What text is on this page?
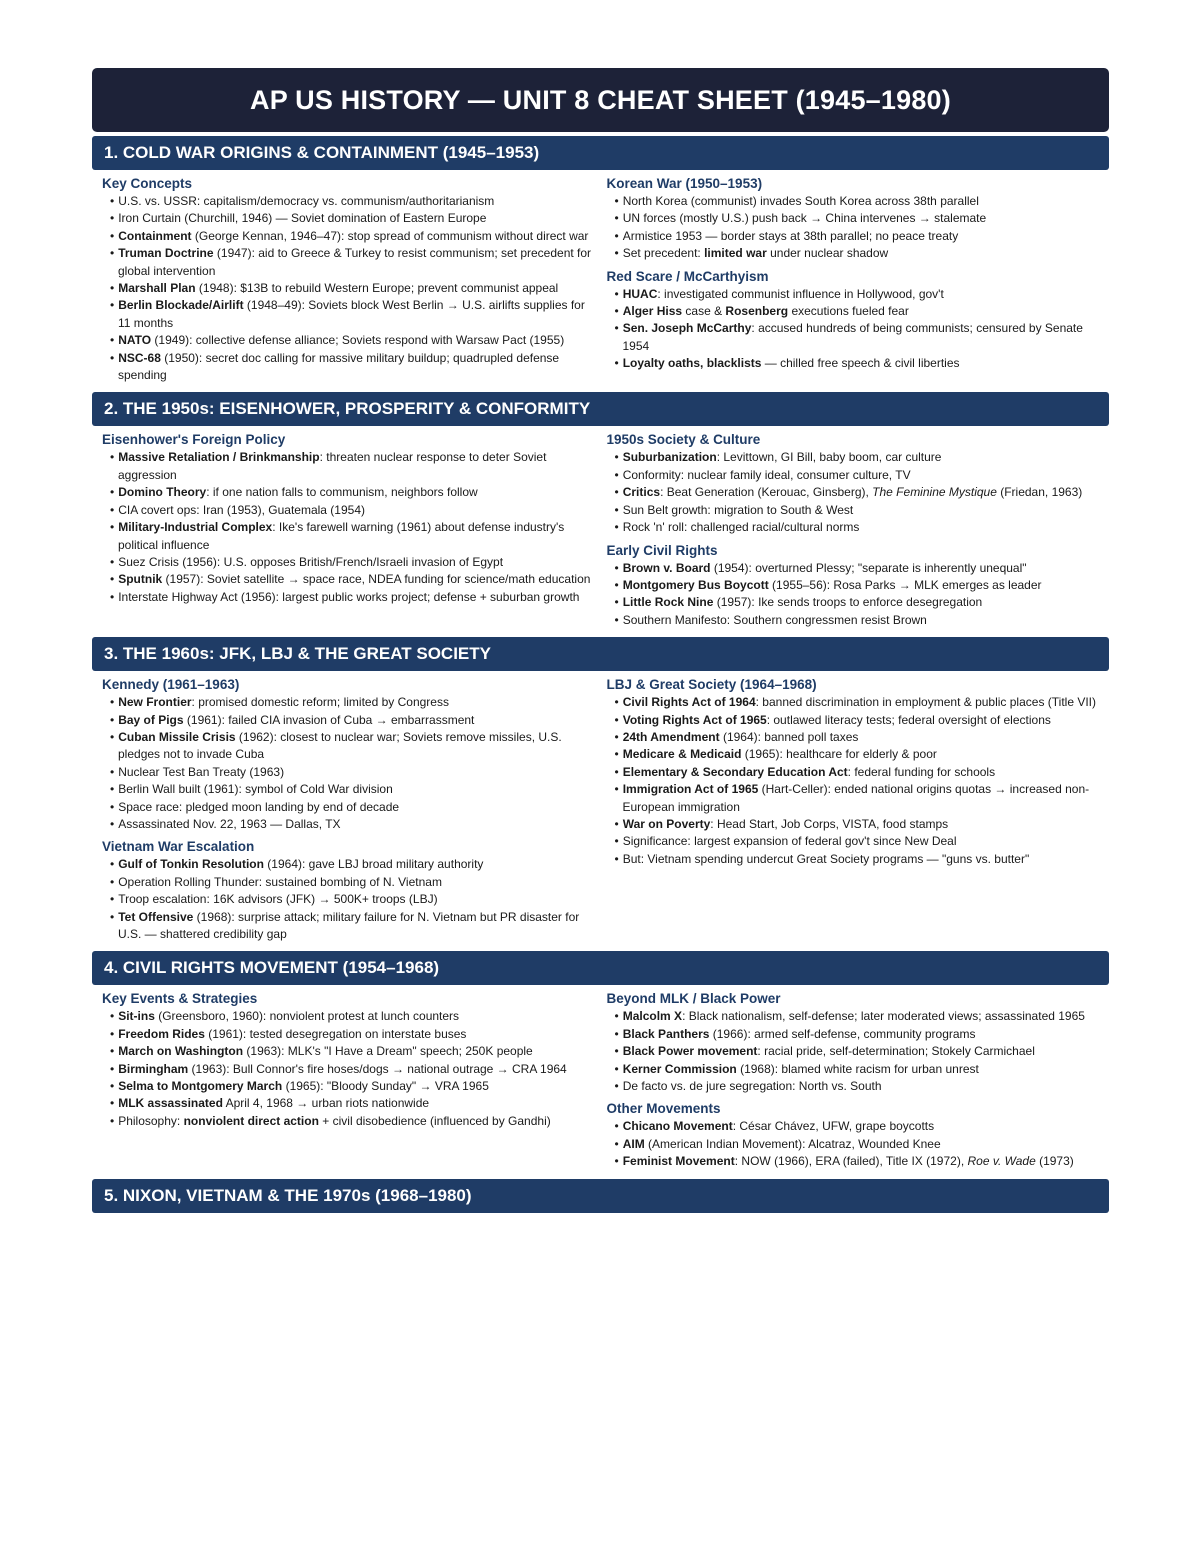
AP US HISTORY — UNIT 8 CHEAT SHEET (1945–1980)
1. COLD WAR ORIGINS & CONTAINMENT (1945–1953)
Key Concepts
• U.S. vs. USSR: capitalism/democracy vs. communism/authoritarianism
• Iron Curtain (Churchill, 1946) — Soviet domination of Eastern Europe
• Containment (George Kennan, 1946–47): stop spread of communism without direct war
• Truman Doctrine (1947): aid to Greece & Turkey to resist communism; set precedent for global intervention
• Marshall Plan (1948): $13B to rebuild Western Europe; prevent communist appeal
• Berlin Blockade/Airlift (1948–49): Soviets block West Berlin → U.S. airlifts supplies for 11 months
• NATO (1949): collective defense alliance; Soviets respond with Warsaw Pact (1955)
• NSC-68 (1950): secret doc calling for massive military buildup; quadrupled defense spending
Korean War (1950–1953)
• North Korea (communist) invades South Korea across 38th parallel
• UN forces (mostly U.S.) push back → China intervenes → stalemate
• Armistice 1953 — border stays at 38th parallel; no peace treaty
• Set precedent: limited war under nuclear shadow
Red Scare / McCarthyism
• HUAC: investigated communist influence in Hollywood, gov't
• Alger Hiss case & Rosenberg executions fueled fear
• Sen. Joseph McCarthy: accused hundreds of being communists; censured by Senate 1954
• Loyalty oaths, blacklists — chilled free speech & civil liberties
2. THE 1950s: EISENHOWER, PROSPERITY & CONFORMITY
Eisenhower's Foreign Policy
• Massive Retaliation / Brinkmanship: threaten nuclear response to deter Soviet aggression
• Domino Theory: if one nation falls to communism, neighbors follow
• CIA covert ops: Iran (1953), Guatemala (1954)
• Military-Industrial Complex: Ike's farewell warning (1961) about defense industry's political influence
• Suez Crisis (1956): U.S. opposes British/French/Israeli invasion of Egypt
• Sputnik (1957): Soviet satellite → space race, NDEA funding for science/math education
• Interstate Highway Act (1956): largest public works project; defense + suburban growth
1950s Society & Culture
• Suburbanization: Levittown, GI Bill, baby boom, car culture
• Conformity: nuclear family ideal, consumer culture, TV
• Critics: Beat Generation (Kerouac, Ginsberg), The Feminine Mystique (Friedan, 1963)
• Sun Belt growth: migration to South & West
• Rock 'n' roll: challenged racial/cultural norms
Early Civil Rights
• Brown v. Board (1954): overturned Plessy; "separate is inherently unequal"
• Montgomery Bus Boycott (1955–56): Rosa Parks → MLK emerges as leader
• Little Rock Nine (1957): Ike sends troops to enforce desegregation
• Southern Manifesto: Southern congressmen resist Brown
3. THE 1960s: JFK, LBJ & THE GREAT SOCIETY
Kennedy (1961–1963)
• New Frontier: promised domestic reform; limited by Congress
• Bay of Pigs (1961): failed CIA invasion of Cuba → embarrassment
• Cuban Missile Crisis (1962): closest to nuclear war; Soviets remove missiles, U.S. pledges not to invade Cuba
• Nuclear Test Ban Treaty (1963)
• Berlin Wall built (1961): symbol of Cold War division
• Space race: pledged moon landing by end of decade
• Assassinated Nov. 22, 1963 — Dallas, TX
Vietnam War Escalation
• Gulf of Tonkin Resolution (1964): gave LBJ broad military authority
• Operation Rolling Thunder: sustained bombing of N. Vietnam
• Troop escalation: 16K advisors (JFK) → 500K+ troops (LBJ)
• Tet Offensive (1968): surprise attack; military failure for N. Vietnam but PR disaster for U.S. — shattered credibility gap
LBJ & Great Society (1964–1968)
• Civil Rights Act of 1964: banned discrimination in employment & public places (Title VII)
• Voting Rights Act of 1965: outlawed literacy tests; federal oversight of elections
• 24th Amendment (1964): banned poll taxes
• Medicare & Medicaid (1965): healthcare for elderly & poor
• Elementary & Secondary Education Act: federal funding for schools
• Immigration Act of 1965 (Hart-Celler): ended national origins quotas → increased non-European immigration
• War on Poverty: Head Start, Job Corps, VISTA, food stamps
• Significance: largest expansion of federal gov't since New Deal
• But: Vietnam spending undercut Great Society programs — "guns vs. butter"
4. CIVIL RIGHTS MOVEMENT (1954–1968)
Key Events & Strategies
• Sit-ins (Greensboro, 1960): nonviolent protest at lunch counters
• Freedom Rides (1961): tested desegregation on interstate buses
• March on Washington (1963): MLK's "I Have a Dream" speech; 250K people
• Birmingham (1963): Bull Connor's fire hoses/dogs → national outrage → CRA 1964
• Selma to Montgomery March (1965): "Bloody Sunday" → VRA 1965
• MLK assassinated April 4, 1968 → urban riots nationwide
• Philosophy: nonviolent direct action + civil disobedience (influenced by Gandhi)
Beyond MLK / Black Power
• Malcolm X: Black nationalism, self-defense; later moderated views; assassinated 1965
• Black Panthers (1966): armed self-defense, community programs
• Black Power movement: racial pride, self-determination; Stokely Carmichael
• Kerner Commission (1968): blamed white racism for urban unrest
• De facto vs. de jure segregation: North vs. South
Other Movements
• Chicano Movement: César Chávez, UFW, grape boycotts
• AIM (American Indian Movement): Alcatraz, Wounded Knee
• Feminist Movement: NOW (1966), ERA (failed), Title IX (1972), Roe v. Wade (1973)
5. NIXON, VIETNAM & THE 1970s (1968–1980)
